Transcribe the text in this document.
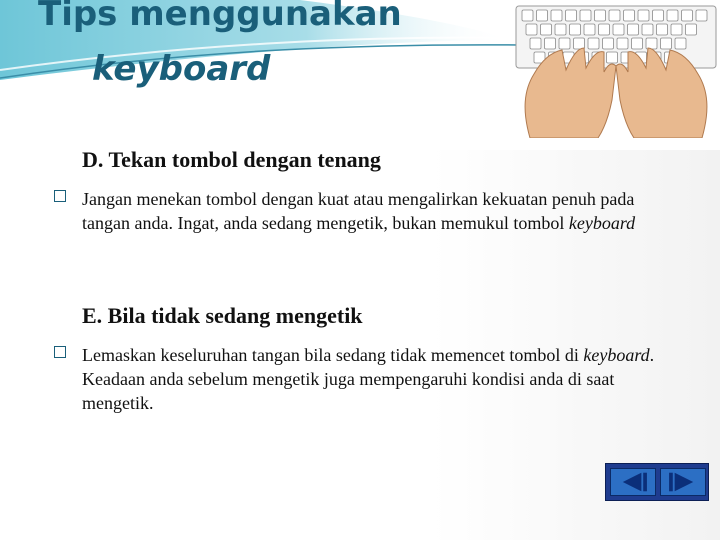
Tips menggunakan
keyboard
D. Tekan tombol dengan tenang

Jangan menekan tombol dengan kuat atau mengalirkan kekuatan penuh pada tangan anda. Ingat, anda sedang mengetik, bukan memukul tombol keyboard

E. Bila tidak sedang mengetik

Lemaskan keseluruhan tangan bila sedang tidak memencet tombol di keyboard. Keadaan anda sebelum mengetik juga mempengaruhi kondisi anda di saat mengetik.
